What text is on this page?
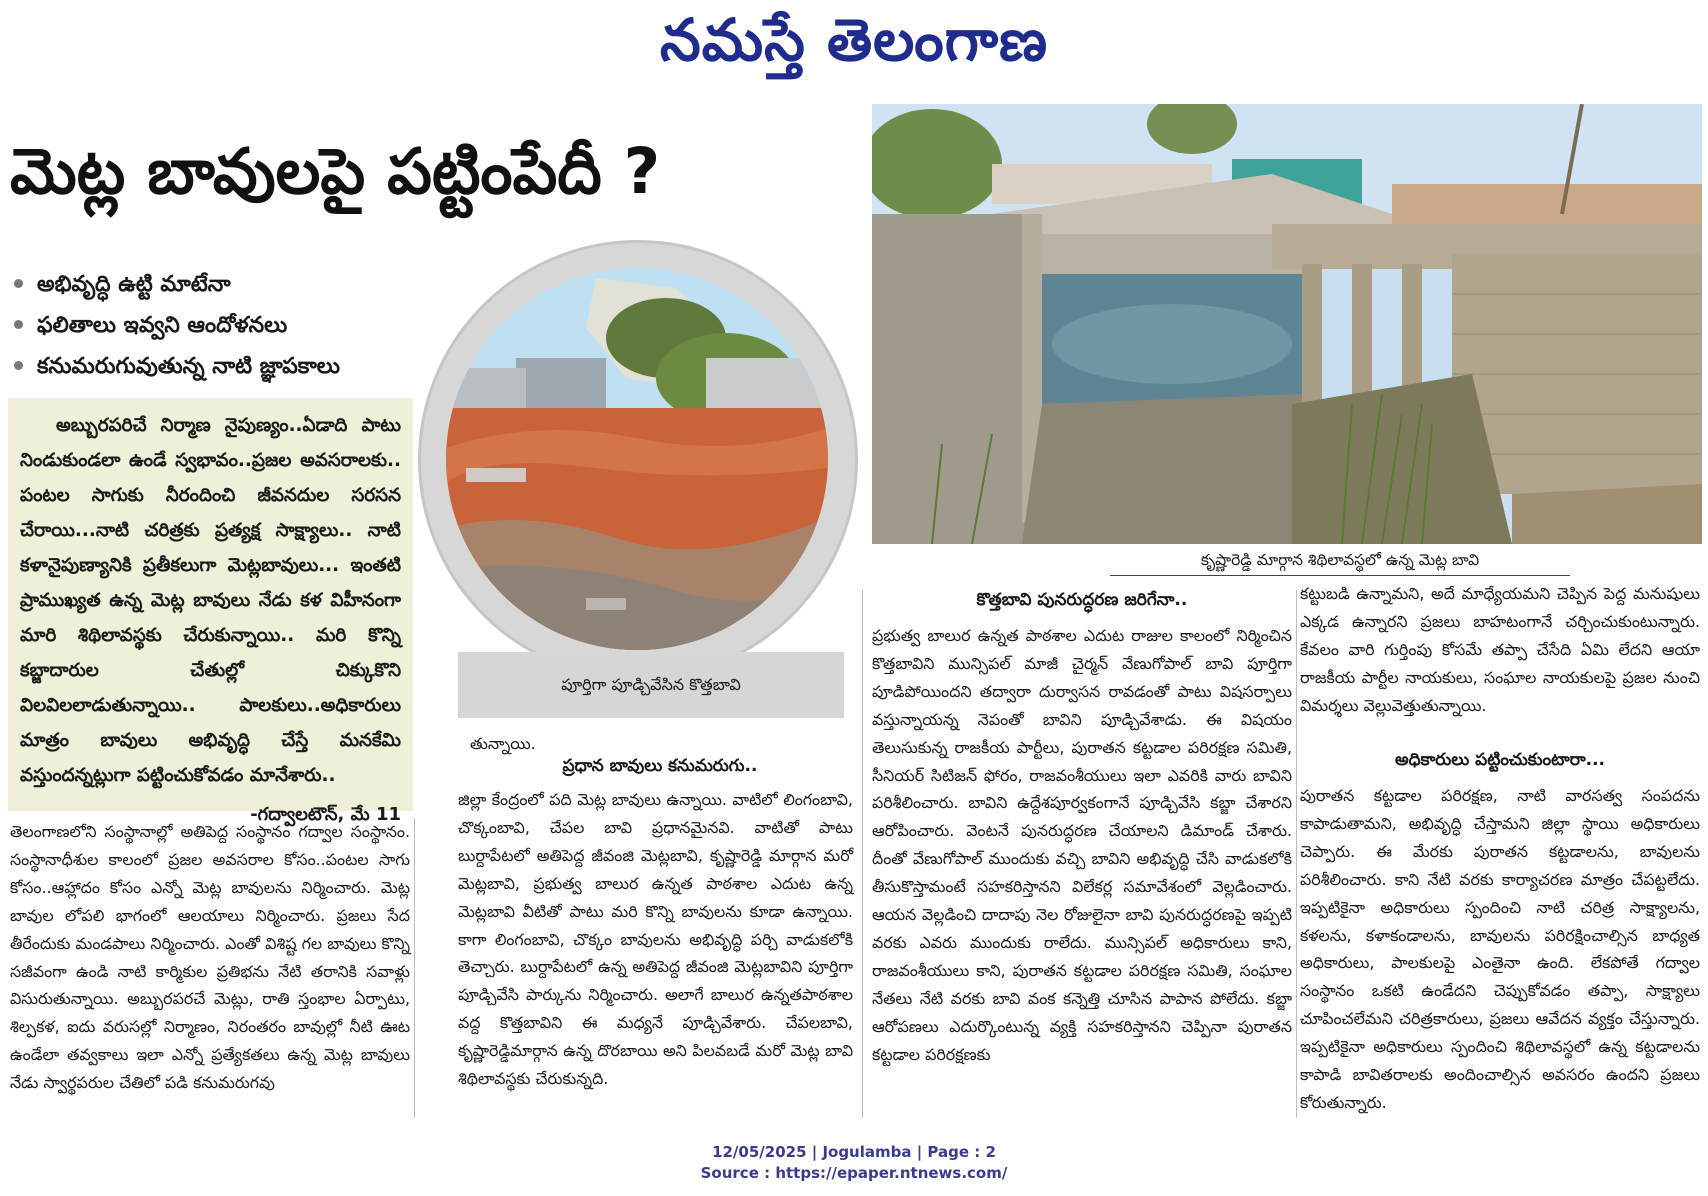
నమస్తే తెలంగాణ
మెట్ల బావులపై పట్టింపేదీ ?
అభివృద్ధి ఉట్టి మాటేనా
ఫలితాలు ఇవ్వని ఆందోళనలు
కనుమరుగువుతున్న నాటి జ్ఞాపకాలు

అబ్బురపరిచే నిర్మాణ నైపుణ్యం..ఏడాది పాటు నిండుకుండలా ఉండే స్వభావం..ప్రజల అవసరాలకు.. పంటల సాగుకు నీరందించి జీవనదుల సరసన చేరాయి...నాటి చరిత్రకు ప్రత్యక్ష సాక్ష్యాలు.. నాటి కళానైపుణ్యానికి ప్రతీకలుగా మెట్లబావులు... ఇంతటి ప్రాముఖ్యత ఉన్న మెట్ల బావులు నేడు కళ విహీనంగా మారి శిథిలావస్థకు చేరుకున్నాయి.. మరి కొన్ని కబ్జాదారుల చేతుల్లో చిక్కుకొని విలవిలలాడుతున్నాయి.. పాలకులు..అధికారులు మాత్రం బావులు అభివృద్ధి చేస్తే మనకేమి వస్తుందన్నట్లుగా పట్టించుకోవడం మానేశారు..

-గద్వాలటౌన్, మే 11

తెలంగాణలోని సంస్థానాల్లో అతిపెద్ద సంస్థానం గద్వాల సంస్థానం. సంస్థానాధీశుల కాలంలో ప్రజల అవసరాల కోసం..పంటల సాగు కోసం..ఆహ్లాదం కోసం ఎన్నో మెట్ల బావులను నిర్మించారు. మెట్ల బావుల లోపలి భాగంలో ఆలయాలు నిర్మించారు. ప్రజలు సేద తీరేందుకు మండపాలు నిర్మించారు. ఎంతో విశిష్ట గల బావులు కొన్ని సజీవంగా ఉండి నాటి కార్మికుల ప్రతిభను నేటి తరానికి సవాళ్లు విసురుతున్నాయి. అబ్బురపరచే మెట్లు, రాతి స్తంభాల ఏర్పాటు, శిల్పకళ, ఐదు వరుసల్లో నిర్మాణం, నిరంతరం బావుల్లో నీటి ఊట ఉండేలా తవ్వకాలు ఇలా ఎన్నో ప్రత్యేకతలు ఉన్న మెట్ల బావులు నేడు స్వార్థపరుల చేతిలో పడి కనుమరుగవు

పూర్తిగా పూడ్చివేసిన కొత్తబావి

తున్నాయి.

ప్రధాన బావులు కనుమరుగు..

జిల్లా కేంద్రంలో పది మెట్ల బావులు ఉన్నాయి. వాటిలో లింగంబావి, చొక్కంబావి, చేపల బావి ప్రధానమైనవి. వాటితో పాటు బుర్దాపేటలో అతిపెద్ద జీవంజి మెట్లబావి, కృష్ణారెడ్డి మార్గాన మరో మెట్లబావి, ప్రభుత్వ బాలుర ఉన్నత పాఠశాల ఎదుట ఉన్న మెట్లబావి వీటితో పాటు మరి కొన్ని బావులను కూడా ఉన్నాయి. కాగా లింగంబావి, చొక్కం బావులను అభివృద్ధి పర్చి వాడుకలోకి తెచ్చారు. బుర్దాపేటలో ఉన్న అతిపెద్ద జీవంజి మెట్లబావిని పూర్తిగా పూడ్చివేసి పార్కును నిర్మించారు. అలాగే బాలుర ఉన్నతపాఠశాల వద్ద కొత్తబావిని ఈ మధ్యనే పూడ్చివేశారు. చేపలబావి, కృష్ణారెడ్డిమార్గాన ఉన్న దొరబాయి అని పిలవబడే మరో మెట్ల బావి శిథిలావస్థకు చేరుకున్నది.

కృష్ణారెడ్డి మార్గాన శిథిలావస్థలో ఉన్న మెట్ల బావి
కొత్తబావి పునరుద్ధరణ జరిగేనా..

ప్రభుత్వ బాలుర ఉన్నత పాఠశాల ఎదుట రాజుల కాలంలో నిర్మించిన కొత్తబావిని మున్సిపల్ మాజీ చైర్మన్ వేణుగోపాల్ బావి పూర్తిగా పూడిపోయిందని తద్వారా దుర్వాసన రావడంతో పాటు విషసర్పాలు వస్తున్నాయన్న నెపంతో బావిని పూడ్చివేశాడు. ఈ విషయం తెలుసుకున్న రాజకీయ పార్టీలు, పురాతన కట్టడాల పరిరక్షణ సమితి, సీనియర్ సిటిజన్ ఫోరం, రాజవంశీయులు ఇలా ఎవరికి వారు బావిని పరిశీలించారు. బావిని ఉద్దేశపూర్వకంగానే పూడ్చివేసి కబ్జా చేశారని ఆరోపించారు. వెంటనే పునరుద్ధరణ చేయాలని డిమాండ్ చేశారు. దీంతో వేణుగోపాల్ ముందుకు వచ్చి బావిని అభివృద్ధి చేసి వాడుకలోకి తీసుకొస్తామంటే సహకరిస్తానని విలేకర్ల సమావేశంలో వెల్లడించారు. ఆయన వెల్లడించి దాదాపు నెల రోజులైనా బావి పునరుద్ధరణపై ఇప్పటి వరకు ఎవరు ముందుకు రాలేదు. మున్సిపల్ అధికారులు కాని, రాజవంశీయులు కాని, పురాతన కట్టడాల పరిరక్షణ సమితి, సంఘాల నేతలు నేటి వరకు బావి వంక కన్నెత్తి చూసిన పాపాన పోలేదు. కబ్జా ఆరోపణలు ఎదుర్కొంటున్న వ్యక్తి సహకరిస్తానని చెప్పినా పురాతన కట్టడాల పరిరక్షణకు

కట్టుబడి ఉన్నామని, అదే మాధ్యేయమని చెప్పిన పెద్ద మనుషులు ఎక్కడ ఉన్నారని ప్రజలు బాహటంగానే చర్చించుకుంటున్నారు. కేవలం వారి గుర్తింపు కోసమే తప్పా చేసేది ఏమి లేదని ఆయా రాజకీయ పార్టీల నాయకులు, సంఘాల నాయకులపై ప్రజల నుంచి విమర్శలు వెల్లువెత్తుతున్నాయి.

అధికారులు పట్టించుకుంటారా...

పురాతన కట్టడాల పరిరక్షణ, నాటి వారసత్వ సంపదను కాపాడుతామని, అభివృద్ధి చేస్తామని జిల్లా స్థాయి అధికారులు చెప్పారు. ఈ మేరకు పురాతన కట్టడాలను, బావులను పరిశీలించారు. కాని నేటి వరకు కార్యాచరణ మాత్రం చేపట్టలేదు. ఇప్పటికైనా అధికారులు స్పందించి నాటి చరిత్ర సాక్ష్యాలను, కళలను, కళాకండాలను, బావులను పరిరక్షించాల్సిన బాధ్యత అధికారులు, పాలకులపై ఎంతైనా ఉంది. లేకపోతే గద్వాల సంస్థానం ఒకటి ఉండేదని చెప్పుకోవడం తప్పా, సాక్ష్యాలు చూపించలేమని చరిత్రకారులు, ప్రజలు ఆవేదన వ్యక్తం చేస్తున్నారు. ఇప్పటికైనా అధికారులు స్పందించి శిథిలావస్థలో ఉన్న కట్టడాలను కాపాడి బావితరాలకు అందించాల్సిన అవసరం ఉందని ప్రజలు కోరుతున్నారు.

12/05/2025 | Jogulamba | Page : 2
Source : https://epaper.ntnews.com/
